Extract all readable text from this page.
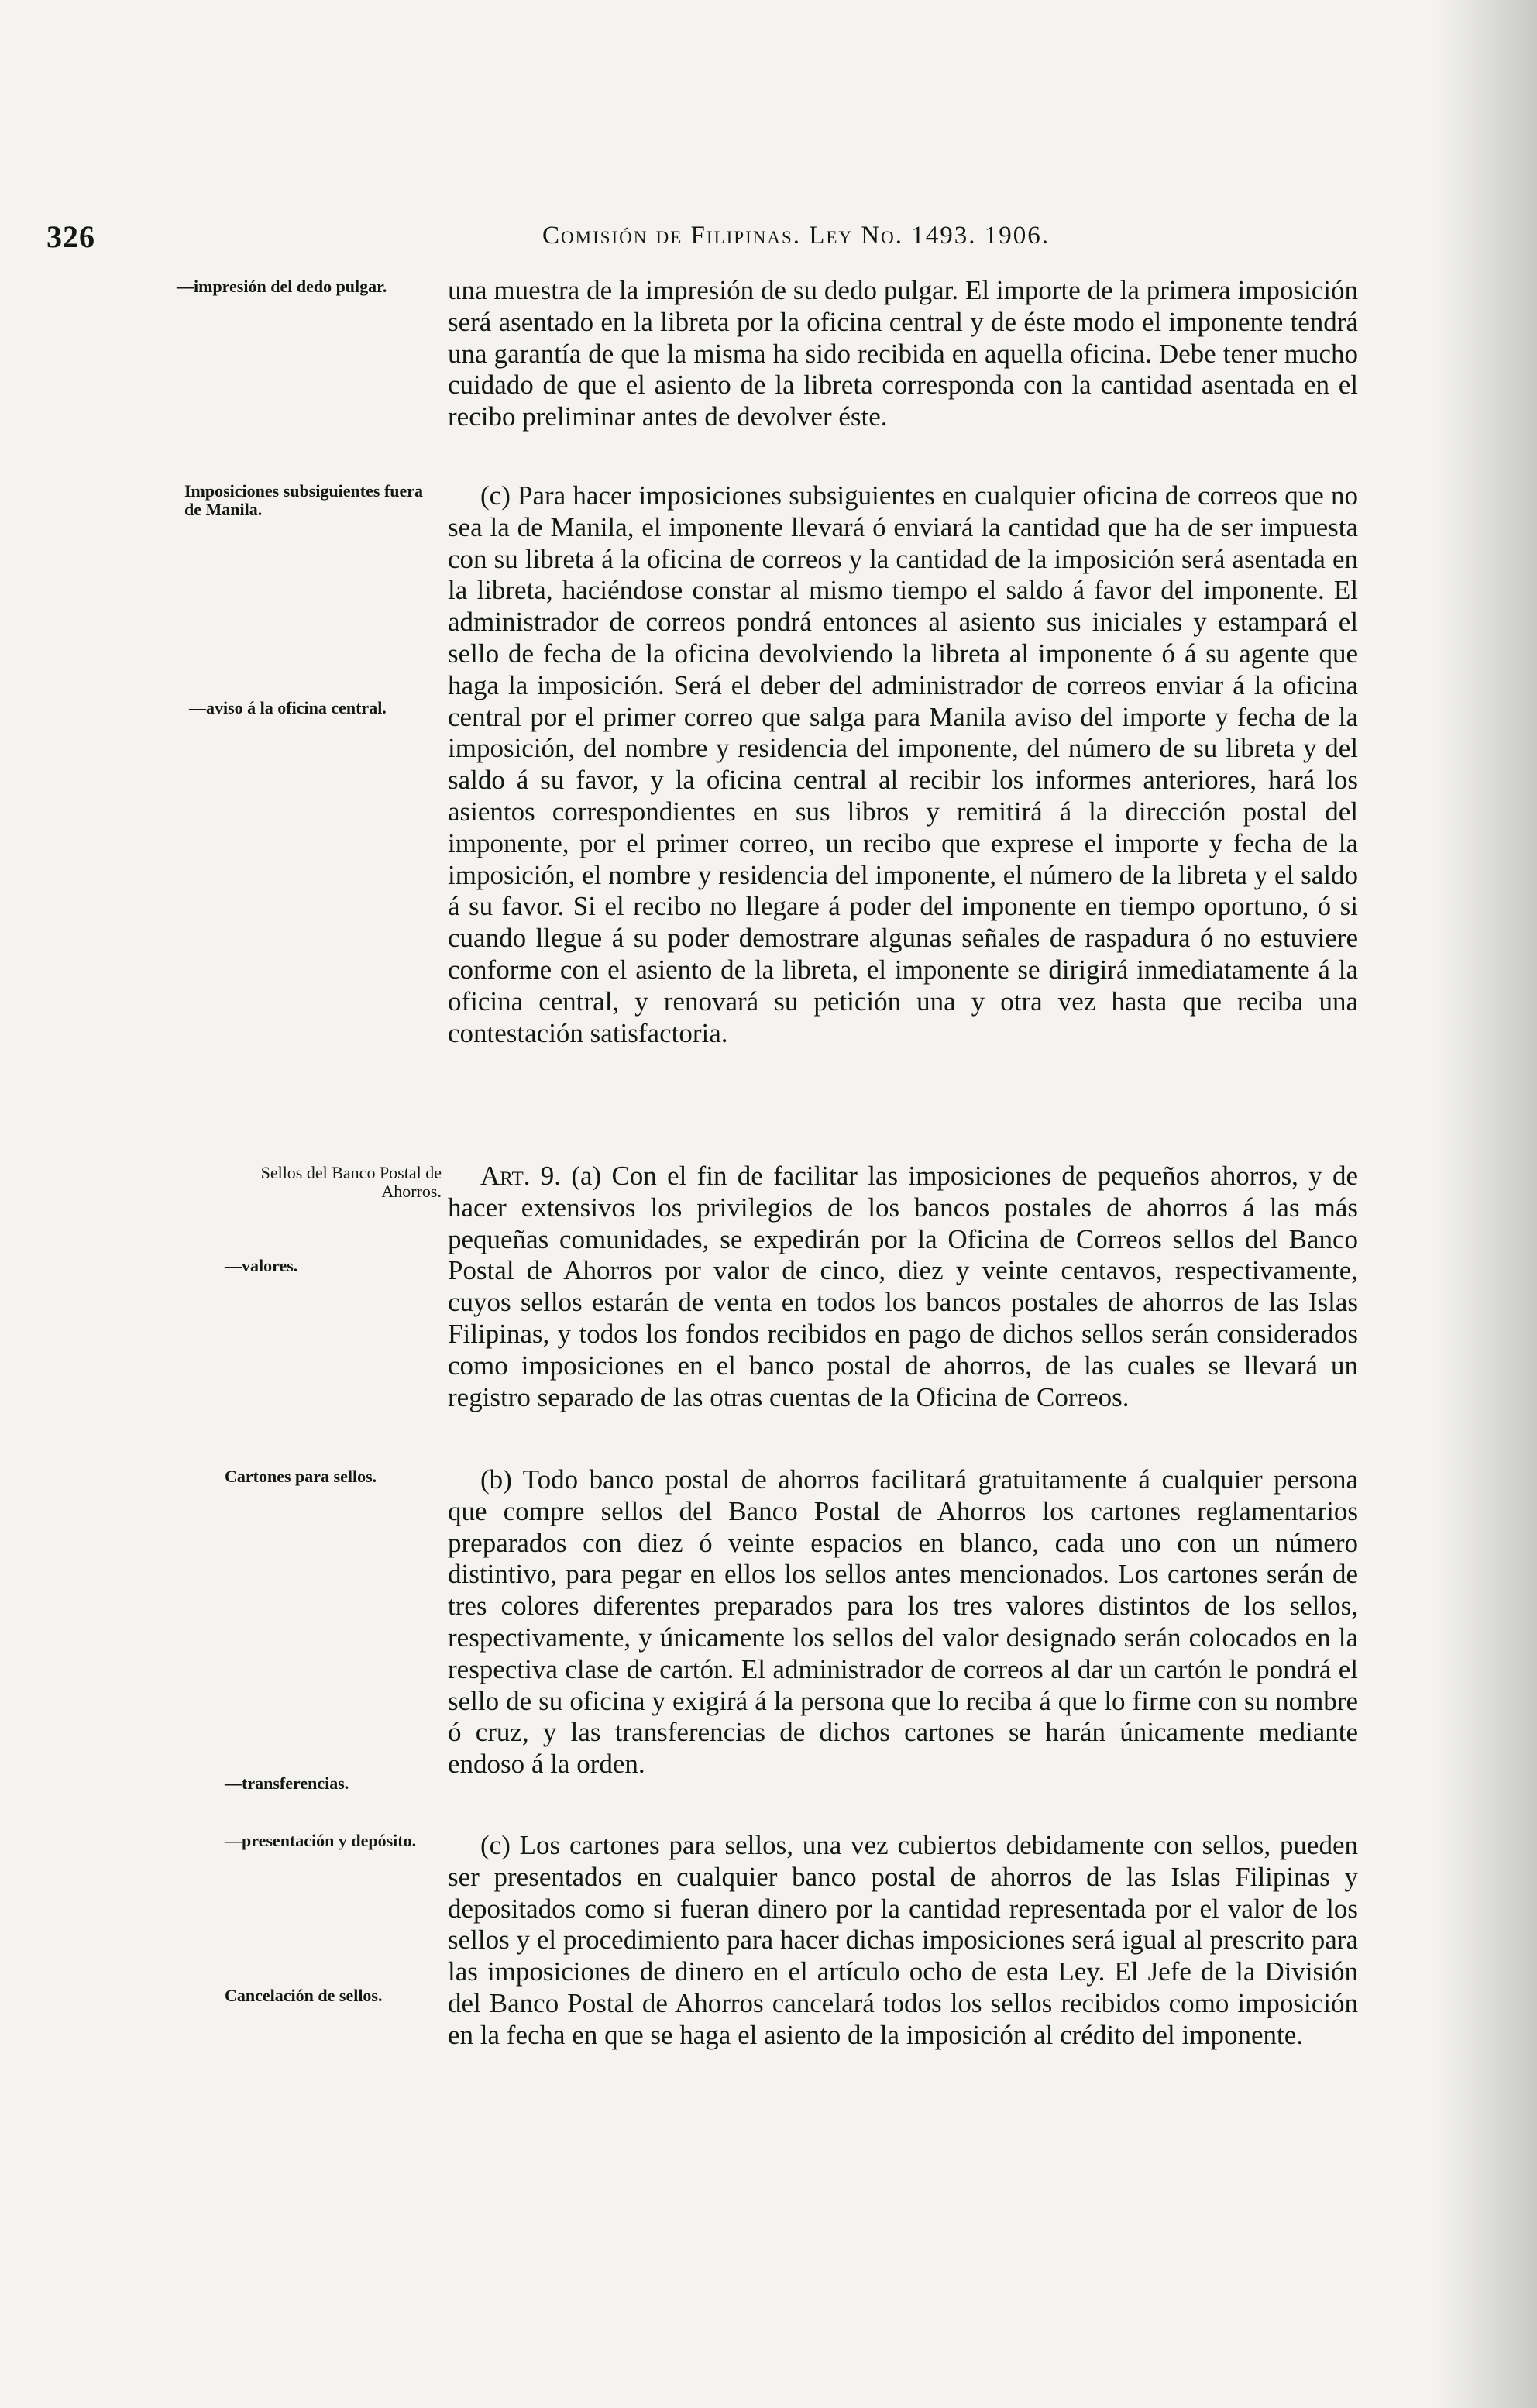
326	Comisión de Filipinas. Ley No. 1493. 1906.
—impresión del dedo pulgar.
Imposiciones subsiguientes fuera de Manila.
—aviso á la oficina central.
Sellos del Banco Postal de Ahorros.
—valores.
Cartones para sellos.
—transferencias.
—presentación y depósito.
Cancelación de sellos.
una muestra de la impresión de su dedo pulgar. El importe de la primera imposición será asentado en la libreta por la oficina central y de éste modo el imponente tendrá una garantía de que la misma ha sido recibida en aquella oficina. Debe tener mucho cuidado de que el asiento de la libreta corresponda con la cantidad asentada en el recibo preliminar antes de devolver éste.
(c) Para hacer imposiciones subsiguientes en cualquier oficina de correos que no sea la de Manila, el imponente llevará ó enviará la cantidad que ha de ser impuesta con su libreta á la oficina de correos y la cantidad de la imposición será asentada en la libreta, haciéndose constar al mismo tiempo el saldo á favor del imponente. El administrador de correos pondrá entonces al asiento sus iniciales y estampará el sello de fecha de la oficina devolviendo la libreta al imponente ó á su agente que haga la imposición. Será el deber del administrador de correos enviar á la oficina central por el primer correo que salga para Manila aviso del importe y fecha de la imposición, del nombre y residencia del imponente, del número de su libreta y del saldo á su favor, y la oficina central al recibir los informes anteriores, hará los asientos correspondientes en sus libros y remitirá á la dirección postal del imponente, por el primer correo, un recibo que exprese el importe y fecha de la imposición, el nombre y residencia del imponente, el número de la libreta y el saldo á su favor. Si el recibo no llegare á poder del imponente en tiempo oportuno, ó si cuando llegue á su poder demostrare algunas señales de raspadura ó no estuviere conforme con el asiento de la libreta, el imponente se dirigirá inmediatamente á la oficina central, y renovará su petición una y otra vez hasta que reciba una contestación satisfactoria.
Art. 9. (a) Con el fin de facilitar las imposiciones de pequeños ahorros, y de hacer extensivos los privilegios de los bancos postales de ahorros á las más pequeñas comunidades, se expedirán por la Oficina de Correos sellos del Banco Postal de Ahorros por valor de cinco, diez y veinte centavos, respectivamente, cuyos sellos estarán de venta en todos los bancos postales de ahorros de las Islas Filipinas, y todos los fondos recibidos en pago de dichos sellos serán considerados como imposiciones en el banco postal de ahorros, de las cuales se llevará un registro separado de las otras cuentas de la Oficina de Correos.
(b) Todo banco postal de ahorros facilitará gratuitamente á cualquier persona que compre sellos del Banco Postal de Ahorros los cartones reglamentarios preparados con diez ó veinte espacios en blanco, cada uno con un número distintivo, para pegar en ellos los sellos antes mencionados. Los cartones serán de tres colores diferentes preparados para los tres valores distintos de los sellos, respectivamente, y únicamente los sellos del valor designado serán colocados en la respectiva clase de cartón. El administrador de correos al dar un cartón le pondrá el sello de su oficina y exigirá á la persona que lo reciba á que lo firme con su nombre ó cruz, y las transferencias de dichos cartones se harán únicamente mediante endoso á la orden.
(c) Los cartones para sellos, una vez cubiertos debidamente con sellos, pueden ser presentados en cualquier banco postal de ahorros de las Islas Filipinas y depositados como si fueran dinero por la cantidad representada por el valor de los sellos y el procedimiento para hacer dichas imposiciones será igual al prescrito para las imposiciones de dinero en el artículo ocho de esta Ley. El Jefe de la División del Banco Postal de Ahorros cancelará todos los sellos recibidos como imposición en la fecha en que se haga el asiento de la imposición al crédito del imponente.
